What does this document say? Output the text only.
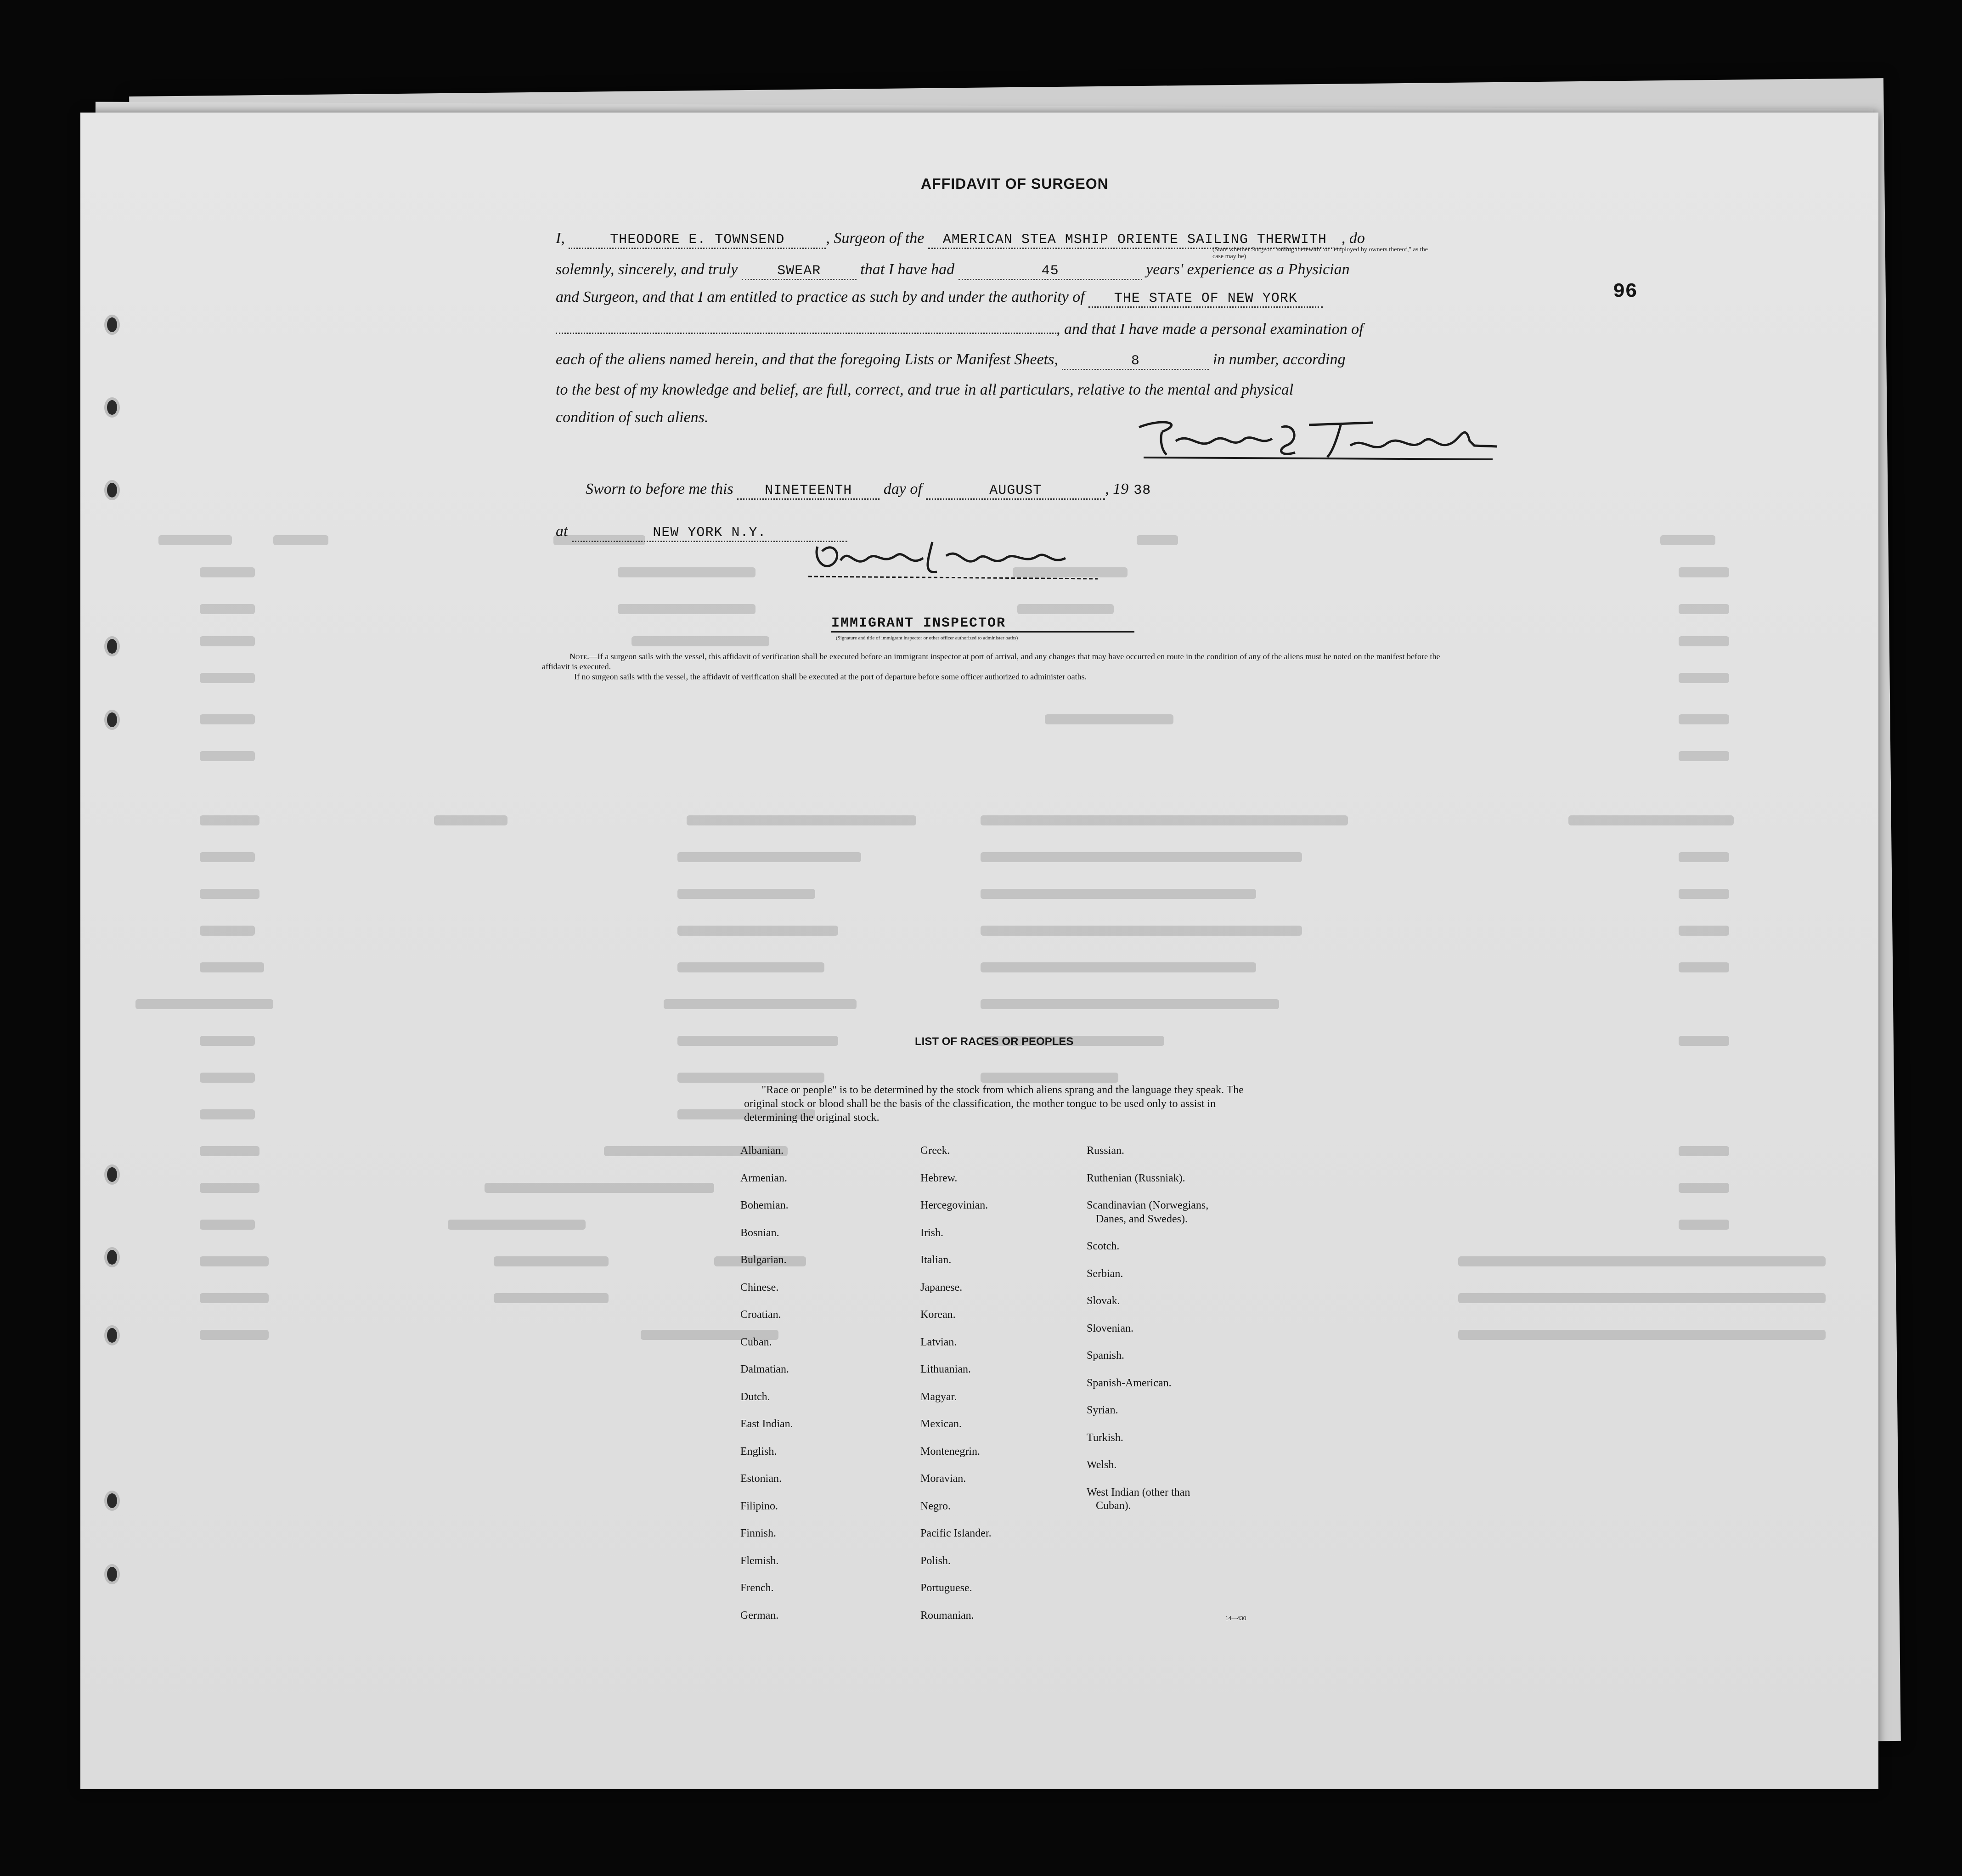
AFFIDAVIT OF SURGEON
96
I,	THEODORE E. TOWNSEND	, Surgeon of the AMERICAN STEA MSHIP ORIENTE SAILING THERWITH , do
(State whether Surgeon "sailing therewith" or "employed by owners thereof," as the case may be)
solemnly, sincerely, and truly	SWEAR	that I have had	45	years' experience as a Physician
and Surgeon, and that I am entitled to practice as such by and under the authority of THE STATE OF NEW YORK
, and that I have made a personal examination of
each of the aliens named herein, and that the foregoing Lists or Manifest Sheets,	8	in number, according
to the best of my knowledge and belief, are full, correct, and true in all particulars, relative to the mental and physical
condition of such aliens.
Sworn to before me this NINETEENTH day of	AUGUST	, 19 38
at	NEW YORK N.Y.
IMMIGRANT INSPECTOR
(Signature and title of immigrant inspector or other officer authorized to administer oaths)
Note.—If a surgeon sails with the vessel, this affidavit of verification shall be executed before an immigrant inspector at port of arrival, and any changes that may have occurred en route in the condition of any of the aliens must be noted on the manifest before the affidavit is executed.
If no surgeon sails with the vessel, the affidavit of verification shall be executed at the port of departure before some officer authorized to administer oaths.
LIST OF RACES OR PEOPLES
"Race or people" is to be determined by the stock from which aliens sprang and the language they speak. The original stock or blood shall be the basis of the classification, the mother tongue to be used only to assist in determining the original stock.
Albanian.
Armenian.
Bohemian.
Bosnian.
Bulgarian.
Chinese.
Croatian.
Cuban.
Dalmatian.
Dutch.
East Indian.
English.
Estonian.
Filipino.
Finnish.
Flemish.
French.
German.
Greek.
Hebrew.
Hercegovinian.
Irish.
Italian.
Japanese.
Korean.
Latvian.
Lithuanian.
Magyar.
Mexican.
Montenegrin.
Moravian.
Negro.
Pacific Islander.
Polish.
Portuguese.
Roumanian.
Russian.
Ruthenian (Russniak).
Scandinavian (Norwegians,
Danes, and Swedes).
Scotch.
Serbian.
Slovak.
Slovenian.
Spanish.
Spanish-American.
Syrian.
Turkish.
Welsh.
West Indian (other than
Cuban).
14—430
